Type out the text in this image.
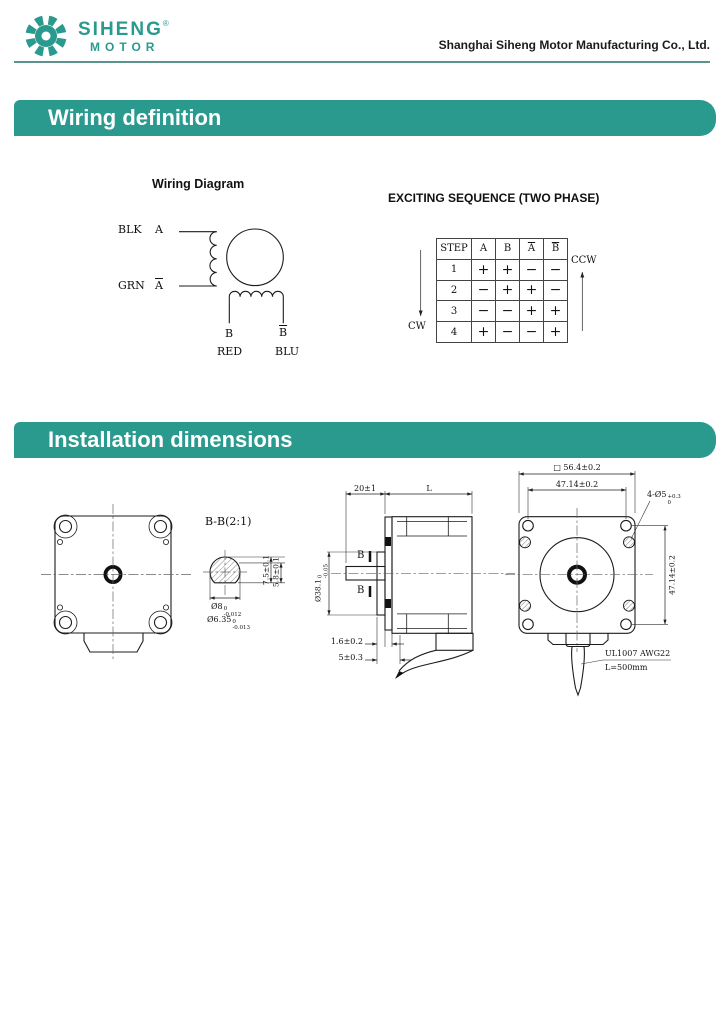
SIHENG®
MOTOR	Shanghai Siheng Motor Manufacturing Co., Ltd.
Wiring definition
Wiring Diagram
BLK A
GRN $\overline{A}$
B	$\overline{B}$
RED	BLU
EXCITING SEQUENCE (TWO PHASE)
CW
CCW
STEP	A	B	$\overline{A}$	$\overline{B}$
1	+	+	−	−
2	−	+	+	−
3	−	−	+	+
4	+	−	−	+
Installation dimensions
B-B(2:1)
7.5±0.1 5.8±0.1
Ø8 0
-0.012
Ø6.35 0
-0.013
20±1	L
B
B
Ø38.1
0 -0.05
1.6±0.2
5±0.3
□ 56.4±0.2
47.14±0.2
47.14±0.2
4-Ø5 +0.3
0
UL1007 AWG22
L=500mm
